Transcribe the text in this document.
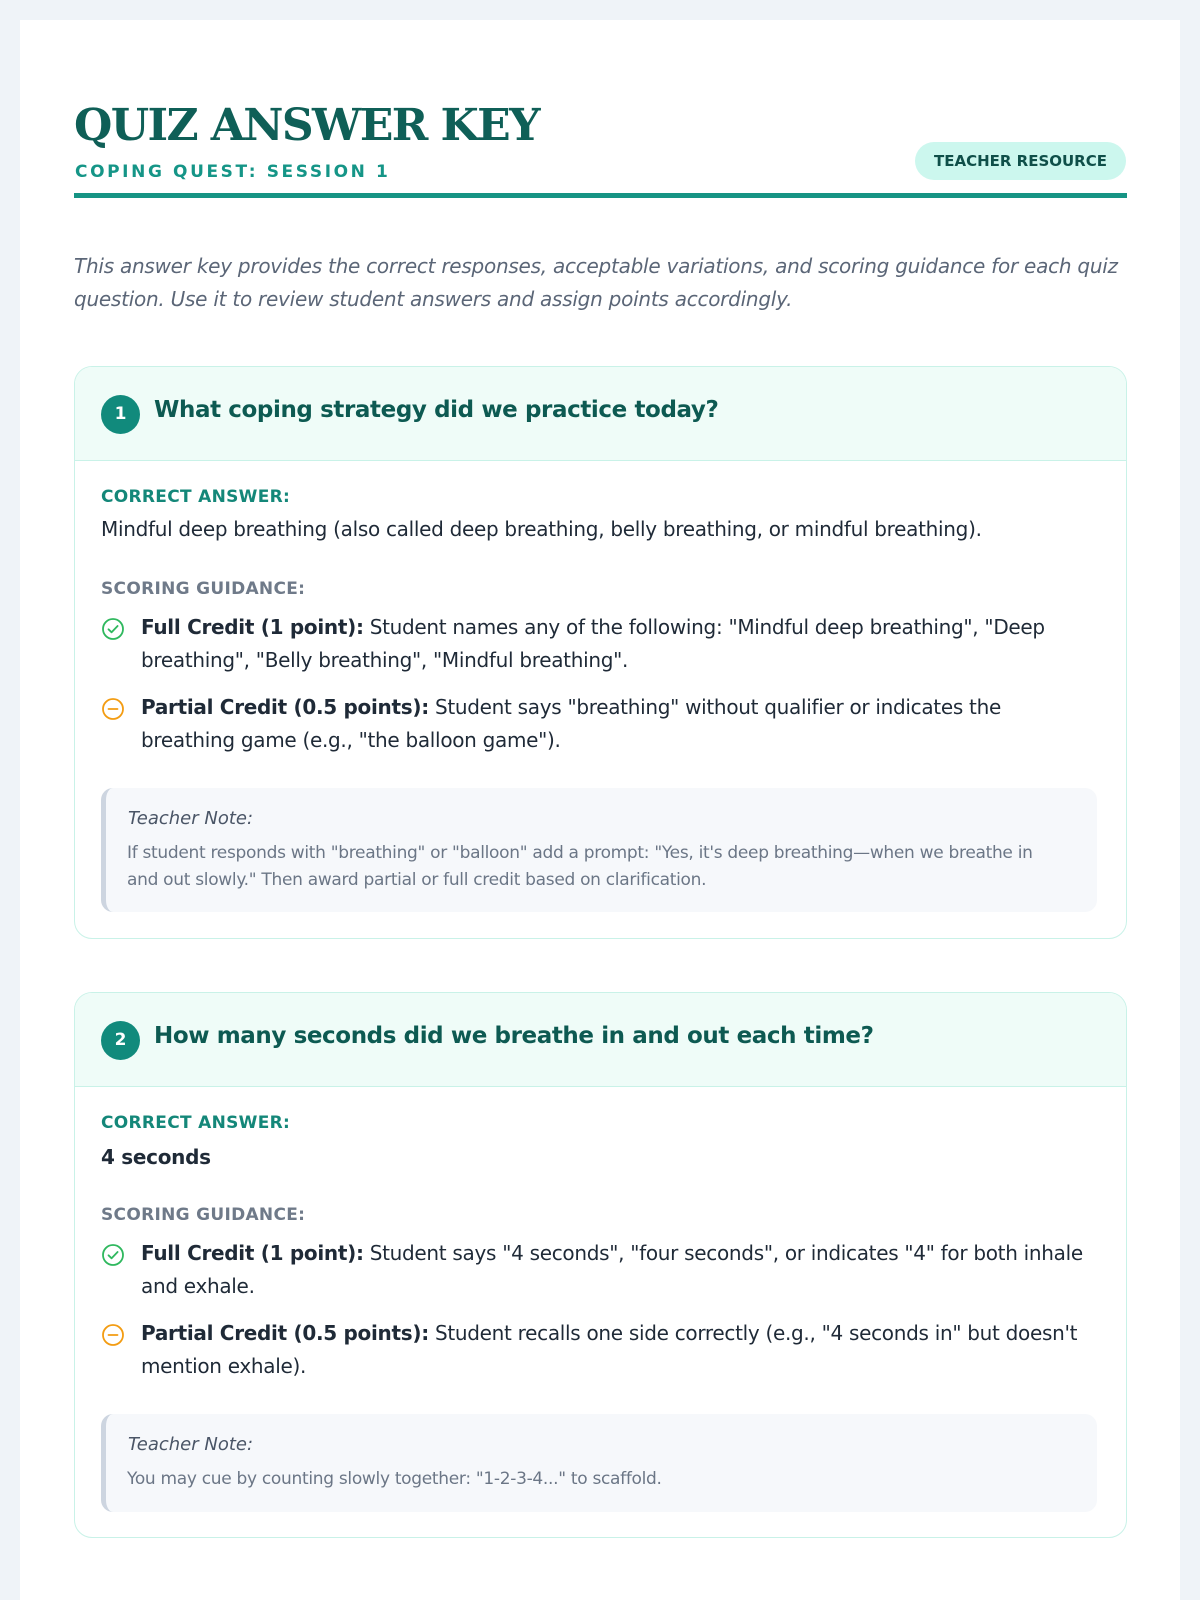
QUIZ ANSWER KEY
COPING QUEST: SESSION 1
TEACHER RESOURCE

This answer key provides the correct responses, acceptable variations, and scoring guidance for each quiz question. Use it to review student answers and assign points accordingly.

1	What coping strategy did we practice today?
CORRECT ANSWER:
Mindful deep breathing (also called deep breathing, belly breathing, or mindful breathing).
SCORING GUIDANCE:
Full Credit (1 point): Student names any of the following: "Mindful deep breathing", "Deep breathing", "Belly breathing", "Mindful breathing".
Partial Credit (0.5 points): Student says "breathing" without qualifier or indicates the breathing game (e.g., "the balloon game").
Teacher Note:
If student responds with "breathing" or "balloon" add a prompt: "Yes, it's deep breathing—when we breathe in and out slowly." Then award partial or full credit based on clarification.
2	How many seconds did we breathe in and out each time?
CORRECT ANSWER:
4 seconds
SCORING GUIDANCE:
Full Credit (1 point): Student says "4 seconds", "four seconds", or indicates "4" for both inhale and exhale.
Partial Credit (0.5 points): Student recalls one side correctly (e.g., "4 seconds in" but doesn't mention exhale).
Teacher Note:
You may cue by counting slowly together: "1-2-3-4..." to scaffold.
